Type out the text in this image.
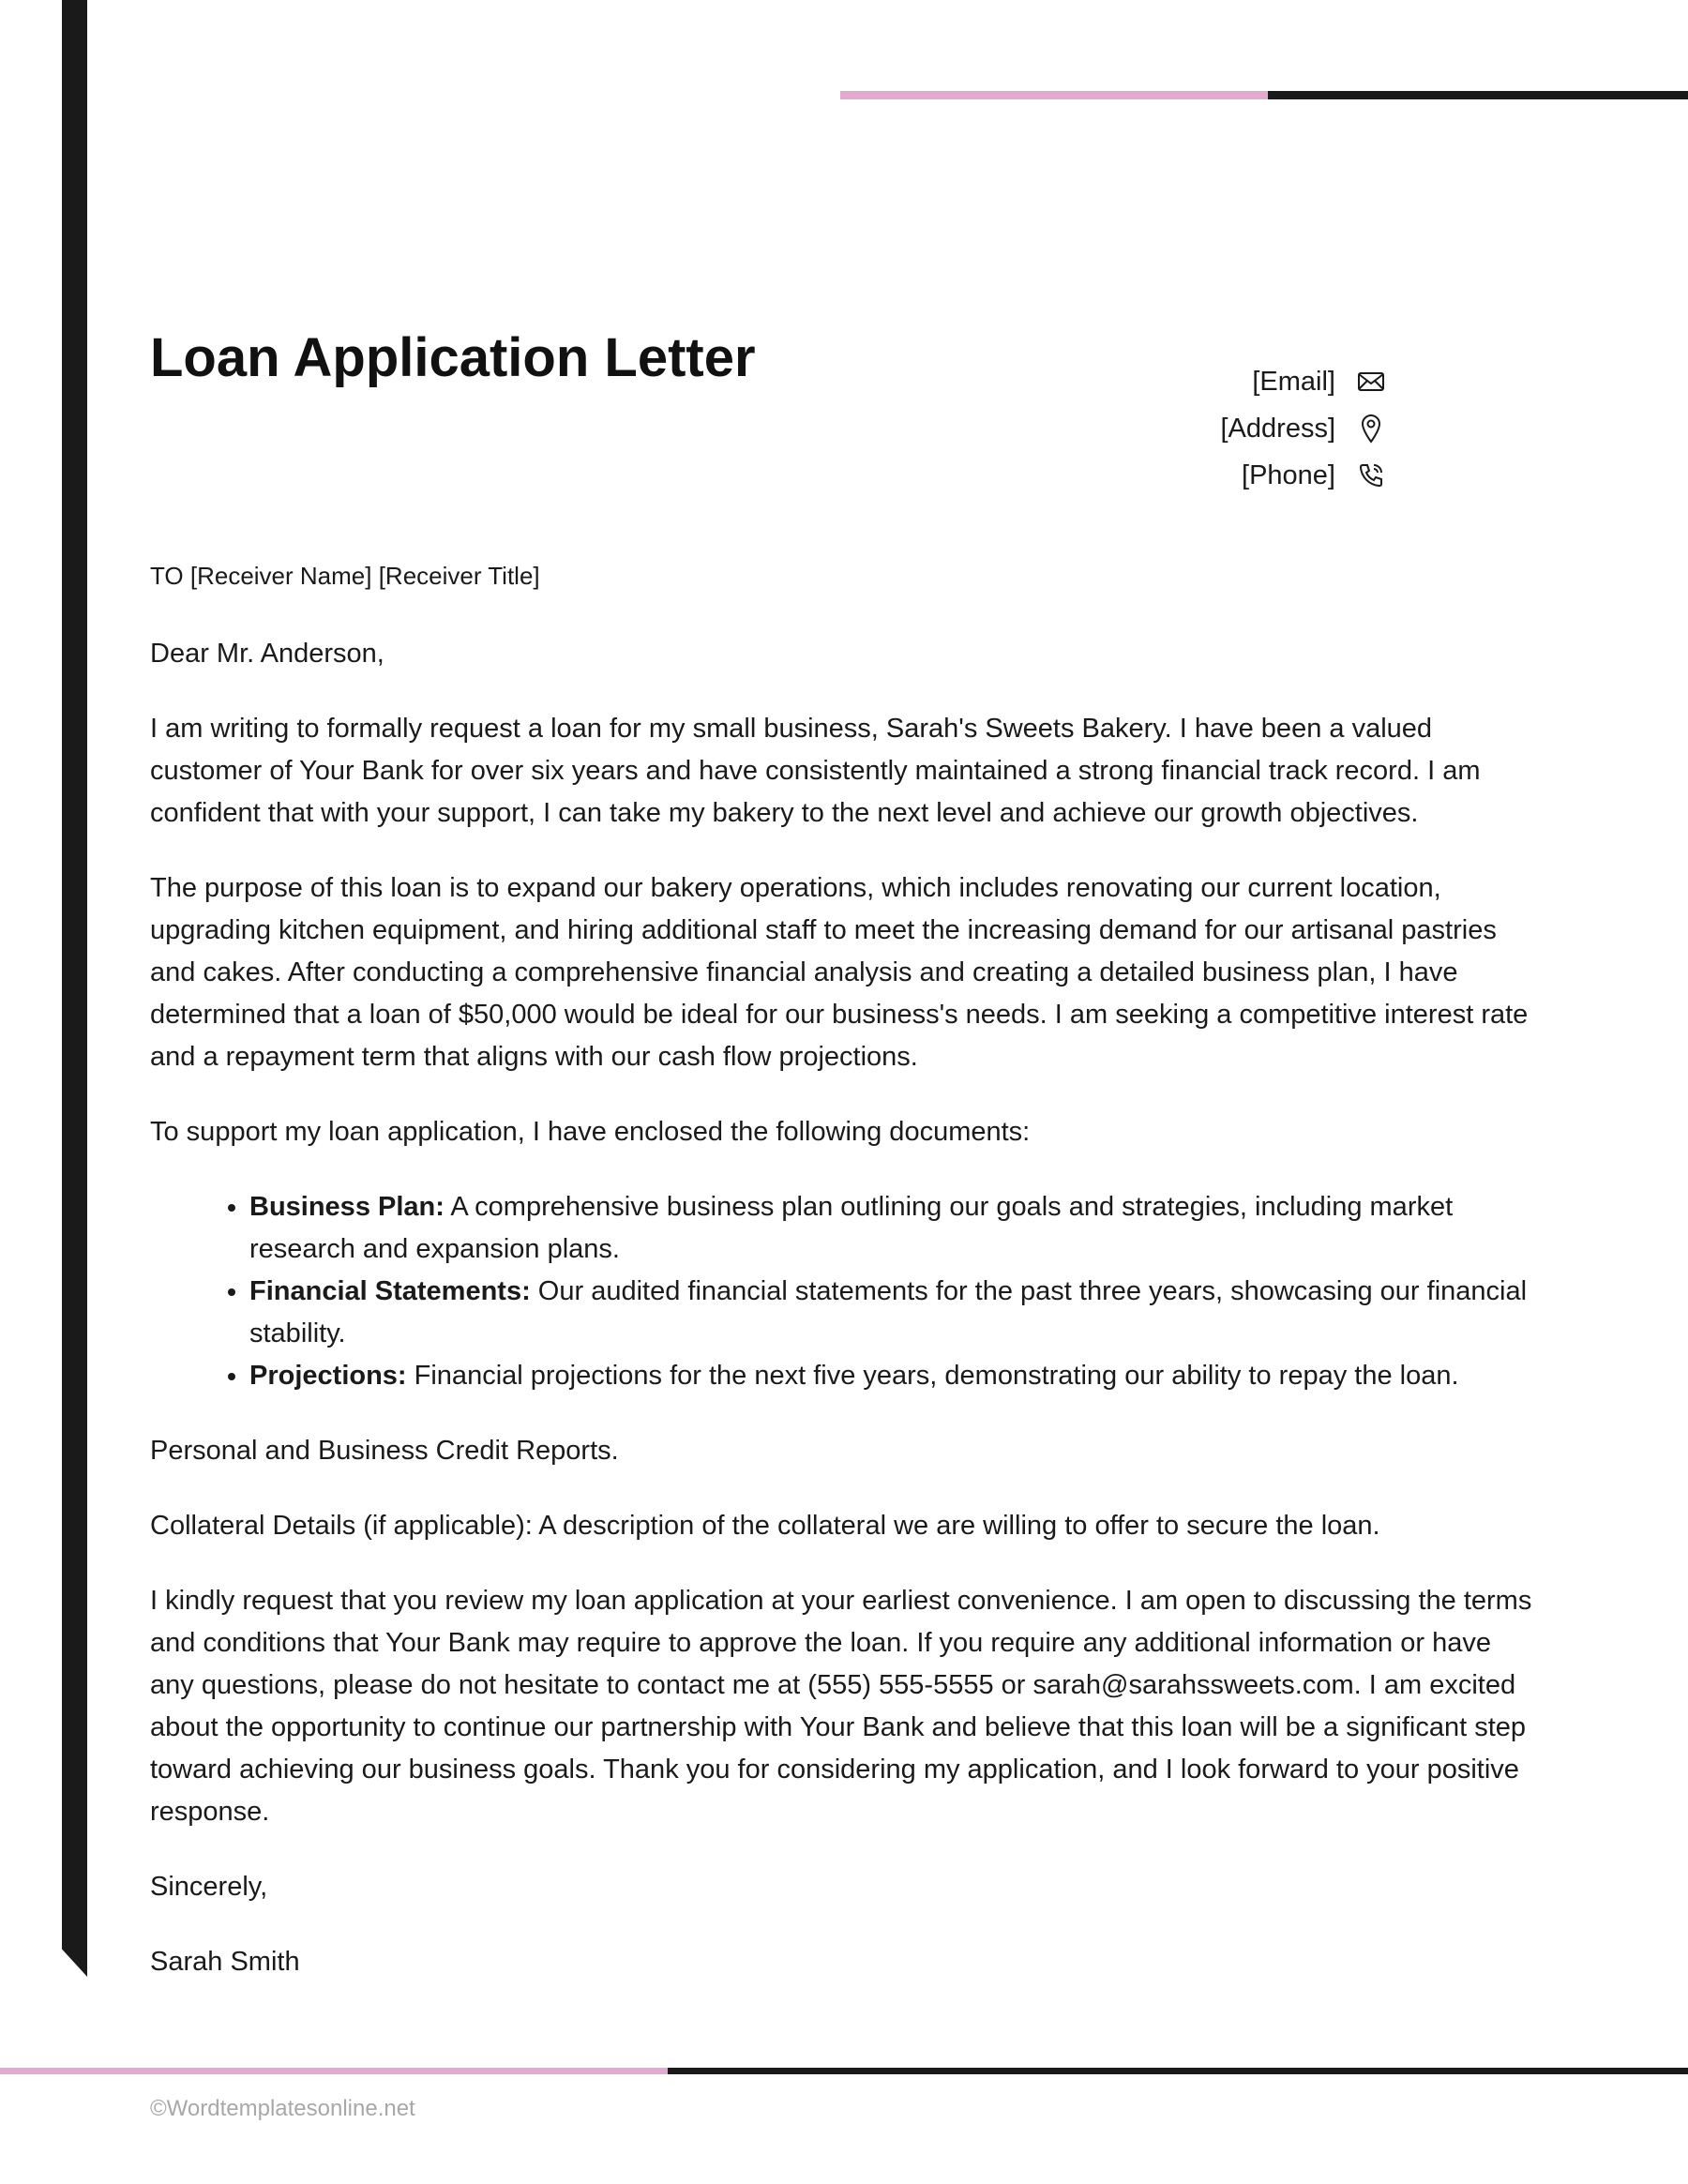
Loan Application Letter	[Email]
[Address]
[Phone]

TO [Receiver Name] [Receiver Title]

Dear Mr. Anderson,

I am writing to formally request a loan for my small business, Sarah's Sweets Bakery. I have been a valued customer of Your Bank for over six years and have consistently maintained a strong financial track record. I am confident that with your support, I can take my bakery to the next level and achieve our growth objectives.

The purpose of this loan is to expand our bakery operations, which includes renovating our current location, upgrading kitchen equipment, and hiring additional staff to meet the increasing demand for our artisanal pastries and cakes. After conducting a comprehensive financial analysis and creating a detailed business plan, I have determined that a loan of $50,000 would be ideal for our business's needs. I am seeking a competitive interest rate and a repayment term that aligns with our cash flow projections.

To support my loan application, I have enclosed the following documents:

• Business Plan: A comprehensive business plan outlining our goals and strategies, including market research and expansion plans.
• Financial Statements: Our audited financial statements for the past three years, showcasing our financial stability.
• Projections: Financial projections for the next five years, demonstrating our ability to repay the loan.

Personal and Business Credit Reports.

Collateral Details (if applicable): A description of the collateral we are willing to offer to secure the loan.

I kindly request that you review my loan application at your earliest convenience. I am open to discussing the terms and conditions that Your Bank may require to approve the loan. If you require any additional information or have any questions, please do not hesitate to contact me at (555) 555-5555 or sarah@sarahssweets.com. I am excited about the opportunity to continue our partnership with Your Bank and believe that this loan will be a significant step toward achieving our business goals. Thank you for considering my application, and I look forward to your positive response.

Sincerely,

Sarah Smith

©Wordtemplatesonline.net
